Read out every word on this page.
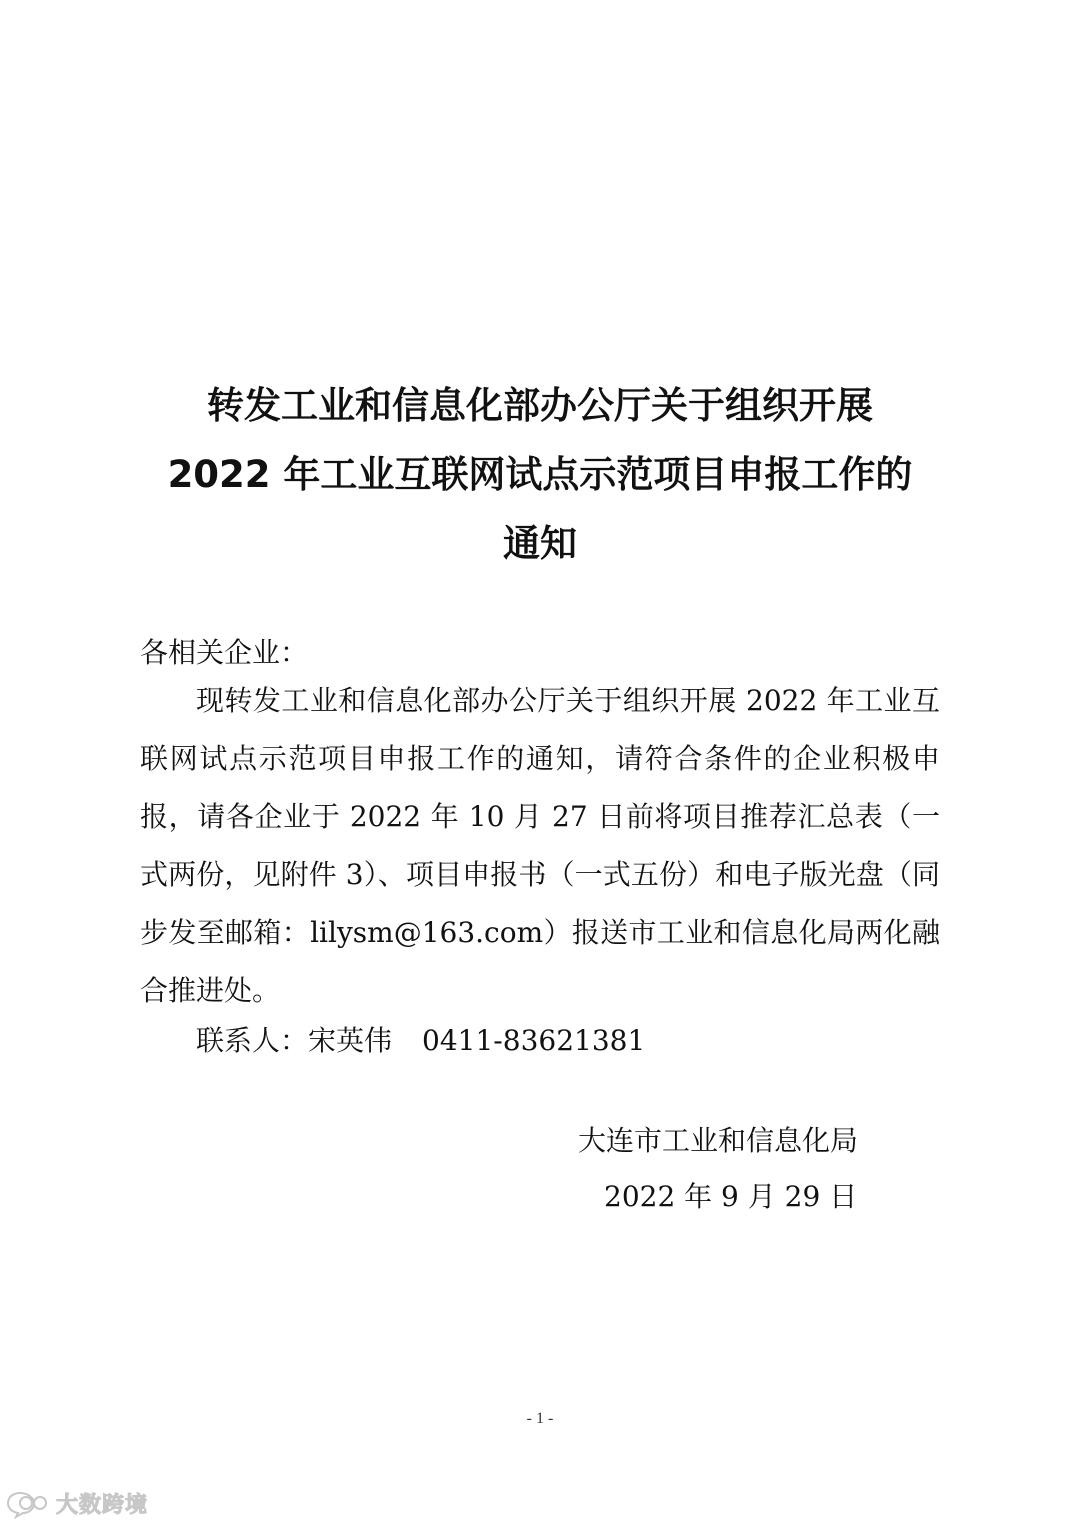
转发工业和信息化部办公厅关于组织开展
2022 年工业互联网试点示范项目申报工作的
通知
各相关企业：
现转发工业和信息化部办公厅关于组织开展 2022 年工业互联网试点示范项目申报工作的通知，请符合条件的企业积极申报，请各企业于 2022 年 10 月 27 日前将项目推荐汇总表（一式两份，见附件 3）、项目申报书（一式五份）和电子版光盘（同步发至邮箱：lilysm@163.com）报送市工业和信息化局两化融合推进处。
联系人：宋英伟 0411-83621381
大连市工业和信息化局
2022 年 9 月 29 日
- 1 -
大数跨境
